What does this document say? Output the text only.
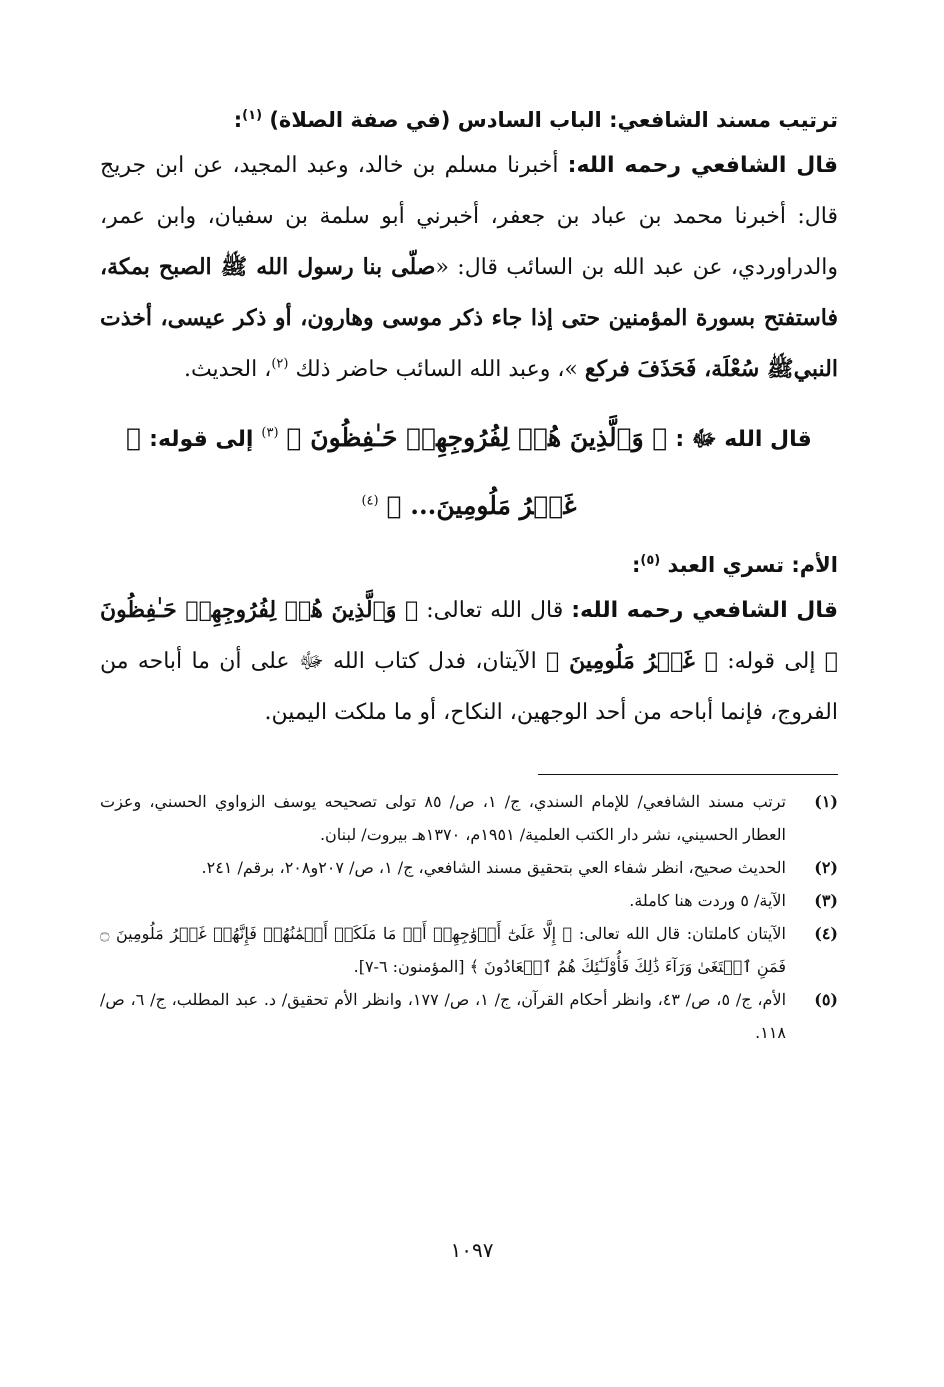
ترتيب مسند الشافعي: الباب السادس (في صفة الصلاة) $^{(١)}$:

قال الشافعي رحمه الله: أخبرنا مسلم بن خالد، وعبد المجيد، عن ابن جريج قال: أخبرنا محمد بن عباد بن جعفر، أخبرني أبو سلمة بن سفيان، وابن عمر، والدراوردي، عن عبد الله بن السائب قال: «صلّى بنا رسول الله ﷺ الصبح بمكة، فاستفتح بسورة المؤمنين حتى إذا جاء ذكر موسى وهارون، أو ذكر عيسى، أخذت النبيﷺ سُعْلَة، فَحَذَفَ فركع »، وعبد الله السائب حاضر ذلك $^{(٢)}$، الحديث.

قال الله ﷻ : ﴿ وَٱلَّذِينَ هُمۡ لِفُرُوجِهِمۡ حَـٰفِظُونَ ﴾ $^{(٣)}$ إلى قوله: ﴿ غَيۡرُ مَلُومِينَ... ﴾ $^{(٤)}$

الأم: تسري العبد $^{(٥)}$:

قال الشافعي رحمه الله: قال الله تعالى: ﴿ وَٱلَّذِينَ هُمۡ لِفُرُوجِهِمۡ حَـٰفِظُونَ ﴾ إلى قوله: ﴿ غَيۡرُ مَلُومِينَ ﴾ الآيتان، فدل كتاب الله ﷻ على أن ما أباحه من الفروج، فإنما أباحه من أحد الوجهين، النكاح، أو ما ملكت اليمين.

(١)
ترتب مسند الشافعي/ للإمام السندي، ج/ ١، ص/ ٨٥ تولى تصحيحه يوسف الزواوي الحسني، وعزت العطار الحسيني، نشر دار الكتب العلمية/ ١٩٥١م، ١٣٧٠هـ بيروت/ لبنان.
(٢)
الحديث صحيح، انظر شفاء العي بتحقيق مسند الشافعي، ج/ ١، ص/ ٢٠٧و٢٠٨، برقم/ ٢٤١.
(٣)
الآية/ ٥ وردت هنا كاملة.
(٤)
الآيتان كاملتان: قال الله تعالى: ﴿ إِلَّا عَلَىٰٓ أَزۡوَٰجِهِمۡ أَوۡ مَا مَلَكَتۡ أَيۡمَٰنُهُمۡ فَإِنَّهُمۡ غَيۡرُ مَلُومِينَ ۝ فَمَنِ ٱبۡتَغَىٰ وَرَآءَ ذَٰلِكَ فَأُوْلَـٰٓئِكَ هُمُ ٱلۡعَادُونَ ﴾ [المؤمنون: ٦-٧].
(٥)
الأم، ج/ ٥، ص/ ٤٣، وانظر أحكام القرآن، ج/ ١، ص/ ١٧٧، وانظر الأم تحقيق/ د. عبد المطلب، ج/ ٦، ص/ ١١٨.
١٠٩٧
